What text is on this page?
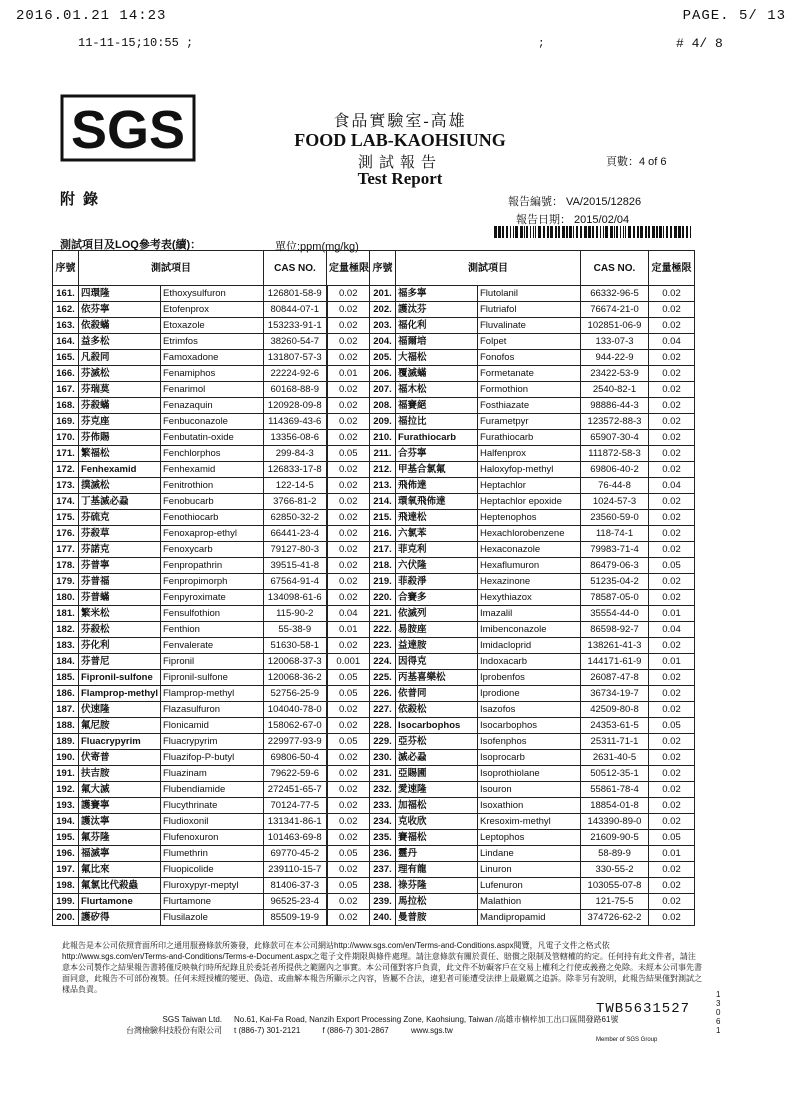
2016.01.21 14:23	PAGE. 5/ 13
11-11-15;10:55 ;	;	# 4/ 8
SGS	食品實驗室-高雄
FOOD LAB-KAOHSIUNG
測試報告
Test Report
頁數：4 of 6
附錄	報告編號： VA/2015/12826
報告日期： 2015/02/04
測試項目及LOQ參考表(續)：	單位:ppm(mg/kg)
序號	測試項目		CAS NO.	定量極限	序號	測試項目		CAS NO.	定量極限
161.	四環隆	Ethoxysulfuron	126801-58-9	0.02	201.	福多寧	Flutolanil	66332-96-5	0.02
162.	依芬寧	Etofenprox	80844-07-1	0.02	202.	護汰芬	Flutriafol	76674-21-0	0.02
163.	依殺蟎	Etoxazole	153233-91-1	0.02	203.	福化利	Fluvalinate	102851-06-9	0.02
164.	益多松	Etrimfos	38260-54-7	0.02	204.	福爾培	Folpet	133-07-3	0.04
165.	凡殺同	Famoxadone	131807-57-3	0.02	205.	大福松	Fonofos	944-22-9	0.02
166.	芬滅松	Fenamiphos	22224-92-6	0.01	206.	覆滅蟎	Formetanate	23422-53-9	0.02
167.	芬瑞莫	Fenarimol	60168-88-9	0.02	207.	福木松	Formothion	2540-82-1	0.02
168.	芬殺蟎	Fenazaquin	120928-09-8	0.02	208.	福賽絕	Fosthiazate	98886-44-3	0.02
169.	芬克座	Fenbuconazole	114369-43-6	0.02	209.	福拉比	Furametpyr	123572-88-3	0.02
170.	芬佈賜	Fenbutatin-oxide	13356-08-6	0.02	210.	Furathiocarb	Furathiocarb	65907-30-4	0.02
171.	繁福松	Fenchlorphos	299-84-3	0.05	211.	合芬寧	Halfenprox	111872-58-3	0.02
172.	Fenhexamid	Fenhexamid	126833-17-8	0.02	212.	甲基合氯氟	Haloxyfop-methyl	69806-40-2	0.02
173.	撲滅松	Fenitrothion	122-14-5	0.02	213.	飛佈達	Heptachlor	76-44-8	0.04
174.	丁基滅必蝨	Fenobucarb	3766-81-2	0.02	214.	環氧飛佈達	Heptachlor epoxide	1024-57-3	0.02
175.	芬硫克	Fenothiocarb	62850-32-2	0.02	215.	飛達松	Heptenophos	23560-59-0	0.02
176.	芬殺草	Fenoxaprop-ethyl	66441-23-4	0.02	216.	六氯苯	Hexachlorobenzene	118-74-1	0.02
177.	芬諾克	Fenoxycarb	79127-80-3	0.02	217.	菲克利	Hexaconazole	79983-71-4	0.02
178.	芬普寧	Fenpropathrin	39515-41-8	0.02	218.	六伏隆	Hexaflumuron	86479-06-3	0.05
179.	芬普福	Fenpropimorph	67564-91-4	0.02	219.	菲殺淨	Hexazinone	51235-04-2	0.02
180.	芬普蟎	Fenpyroximate	134098-61-6	0.02	220.	合賽多	Hexythiazox	78587-05-0	0.02
181.	繁米松	Fensulfothion	115-90-2	0.04	221.	依滅列	Imazalil	35554-44-0	0.01
182.	芬殺松	Fenthion	55-38-9	0.01	222.	易胺座	Imibenconazole	86598-92-7	0.04
183.	芬化利	Fenvalerate	51630-58-1	0.02	223.	益達胺	Imidacloprid	138261-41-3	0.02
184.	芬普尼	Fipronil	120068-37-3	0.001	224.	因得克	Indoxacarb	144171-61-9	0.01
185.	Fipronil-sulfone	Fipronil-sulfone	120068-36-2	0.05	225.	丙基喜樂松	Iprobenfos	26087-47-8	0.02
186.	Flamprop-methyl	Flamprop-methyl	52756-25-9	0.05	226.	依普同	Iprodione	36734-19-7	0.02
187.	伏速隆	Flazasulfuron	104040-78-0	0.02	227.	依殺松	Isazofos	42509-80-8	0.02
188.	氟尼胺	Flonicamid	158062-67-0	0.02	228.	Isocarbophos	Isocarbophos	24353-61-5	0.05
189.	Fluacrypyrim	Fluacrypyrim	229977-93-9	0.05	229.	亞芬松	Isofenphos	25311-71-1	0.02
190.	伏寄普	Fluazifop-P-butyl	69806-50-4	0.02	230.	滅必蝨	Isoprocarb	2631-40-5	0.02
191.	扶吉胺	Fluazinam	79622-59-6	0.02	231.	亞賜圃	Isoprothiolane	50512-35-1	0.02
192.	氟大滅	Flubendiamide	272451-65-7	0.02	232.	愛速隆	Isouron	55861-78-4	0.02
193.	護賽寧	Flucythrinate	70124-77-5	0.02	233.	加福松	Isoxathion	18854-01-8	0.02
194.	護汰寧	Fludioxonil	131341-86-1	0.02	234.	克收欣	Kresoxim-methyl	143390-89-0	0.02
195.	氟芬隆	Flufenoxuron	101463-69-8	0.02	235.	賽福松	Leptophos	21609-90-5	0.05
196.	福滅寧	Flumethrin	69770-45-2	0.05	236.	靈丹	Lindane	58-89-9	0.01
197.	氟比來	Fluopicolide	239110-15-7	0.02	237.	理有龍	Linuron	330-55-2	0.02
198.	氟氯比代殺蟲	Fluroxypyr-meptyl	81406-37-3	0.05	238.	祿芬隆	Lufenuron	103055-07-8	0.02
199.	Flurtamone	Flurtamone	96525-23-4	0.02	239.	馬拉松	Malathion	121-75-5	0.02
200.	護矽得	Flusilazole	85509-19-9	0.02	240.	曼普胺	Mandipropamid	374726-62-2	0.02
此報告是本公司依照背面所印之通用服務條款所簽發，此條款可在本公司網站http://www.sgs.com/en/Terms-and-Conditions.aspx閱覽，凡電子文件之格式依http://www.sgs.com/en/Terms-and-Conditions/Terms-e-Document.aspx之電子文件期限與條件處理。請注意條款有關於責任、賠償之限制及管轄權的約定。任何持有此文件者，請注意本公司製作之結果報告書將僅反映執行時所紀錄且於委託者所提供之範圍內之事實。本公司僅對客戶負責，此文件不妨礙客戶在交易上權利之行使或義務之免除。未經本公司事先書面同意，此報告不可部份複製。任何未經授權的變更、偽造、或曲解本報告所顯示之內容，皆屬不合法，違犯者可能遭受法律上最嚴厲之追訴。除非另有說明，此報告結果僅對測試之樣品負責。
TWB5631527
SGS Taiwan Ltd.
台灣檢驗科技股份有限公司
No.61, Kai-Fa Road, Nanzih Export Processing Zone, Kaohsiung, Taiwan /高雄市楠梓加工出口區開發路61號
t (886-7) 301-2121          f (886-7) 301-2867          www.sgs.tw
Member of SGS Group
13061
